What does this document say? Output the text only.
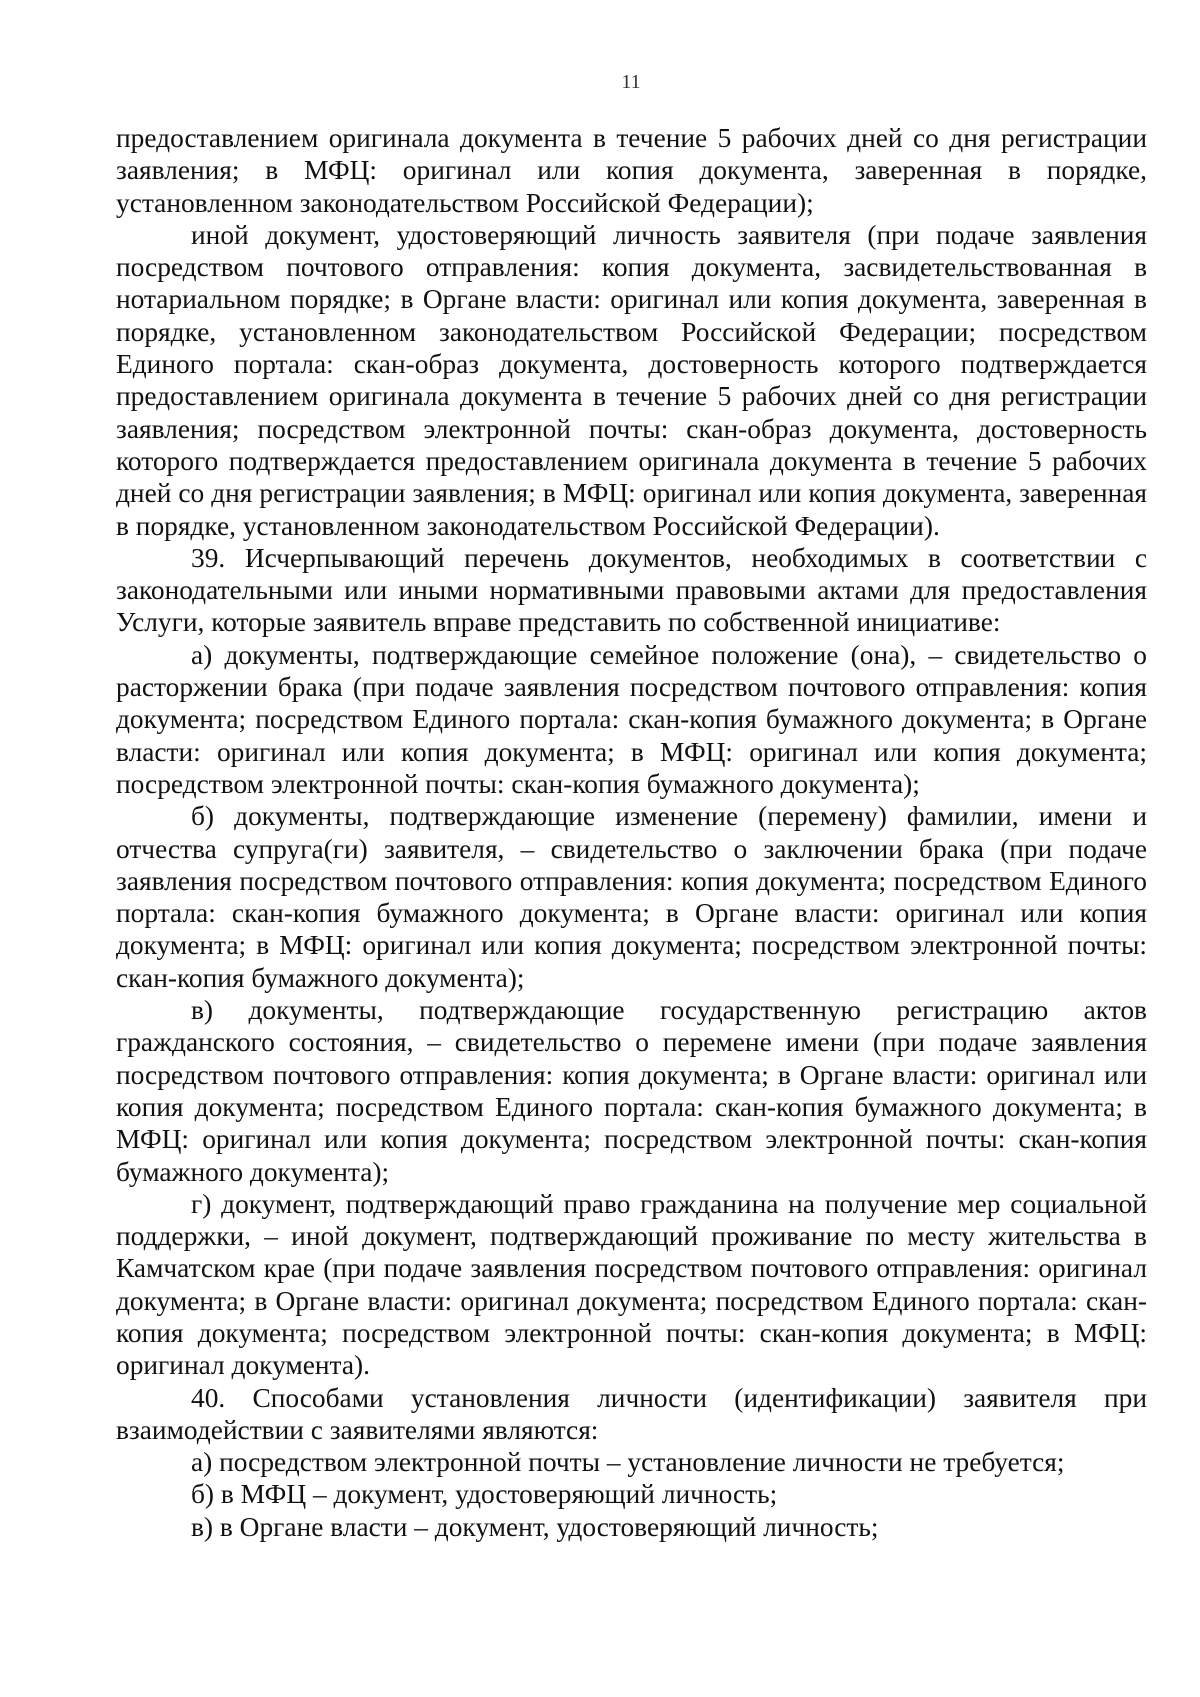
11

предоставлением оригинала документа в течение 5 рабочих дней со дня регистрации заявления; в МФЦ: оригинал или копия документа, заверенная в порядке, установленном законодательством Российской Федерации);

иной документ, удостоверяющий личность заявителя (при подаче заявления посредством почтового отправления: копия документа, засвидетельствованная в нотариальном порядке; в Органе власти: оригинал или копия документа, заверенная в порядке, установленном законодательством Российской Федерации; посредством Единого портала: скан-образ документа, достоверность которого подтверждается предоставлением оригинала документа в течение 5 рабочих дней со дня регистрации заявления; посредством электронной почты: скан-образ документа, достоверность которого подтверждается предоставлением оригинала документа в течение 5 рабочих дней со дня регистрации заявления; в МФЦ: оригинал или копия документа, заверенная в порядке, установленном законодательством Российской Федерации).

39. Исчерпывающий перечень документов, необходимых в соответствии с законодательными или иными нормативными правовыми актами для предоставления Услуги, которые заявитель вправе представить по собственной инициативе:

а) документы, подтверждающие семейное положение (она), – свидетельство о расторжении брака (при подаче заявления посредством почтового отправления: копия документа; посредством Единого портала: скан-копия бумажного документа; в Органе власти: оригинал или копия документа; в МФЦ: оригинал или копия документа; посредством электронной почты: скан-копия бумажного документа);

б) документы, подтверждающие изменение (перемену) фамилии, имени и отчества супруга(ги) заявителя, – свидетельство о заключении брака (при подаче заявления посредством почтового отправления: копия документа; посредством Единого портала: скан-копия бумажного документа; в Органе власти: оригинал или копия документа; в МФЦ: оригинал или копия документа; посредством электронной почты: скан-копия бумажного документа);

в) документы, подтверждающие государственную регистрацию актов гражданского состояния, – свидетельство о перемене имени (при подаче заявления посредством почтового отправления: копия документа; в Органе власти: оригинал или копия документа; посредством Единого портала: скан-копия бумажного документа; в МФЦ: оригинал или копия документа; посредством электронной почты: скан-копия бумажного документа);

г) документ, подтверждающий право гражданина на получение мер социальной поддержки, – иной документ, подтверждающий проживание по месту жительства в Камчатском крае (при подаче заявления посредством почтового отправления: оригинал документа; в Органе власти: оригинал документа; посредством Единого портала: скан-копия документа; посредством электронной почты: скан-копия документа; в МФЦ: оригинал документа).

40. Способами установления личности (идентификации) заявителя при взаимодействии с заявителями являются:

а) посредством электронной почты – установление личности не требуется;

б) в МФЦ – документ, удостоверяющий личность;

в) в Органе власти – документ, удостоверяющий личность;
